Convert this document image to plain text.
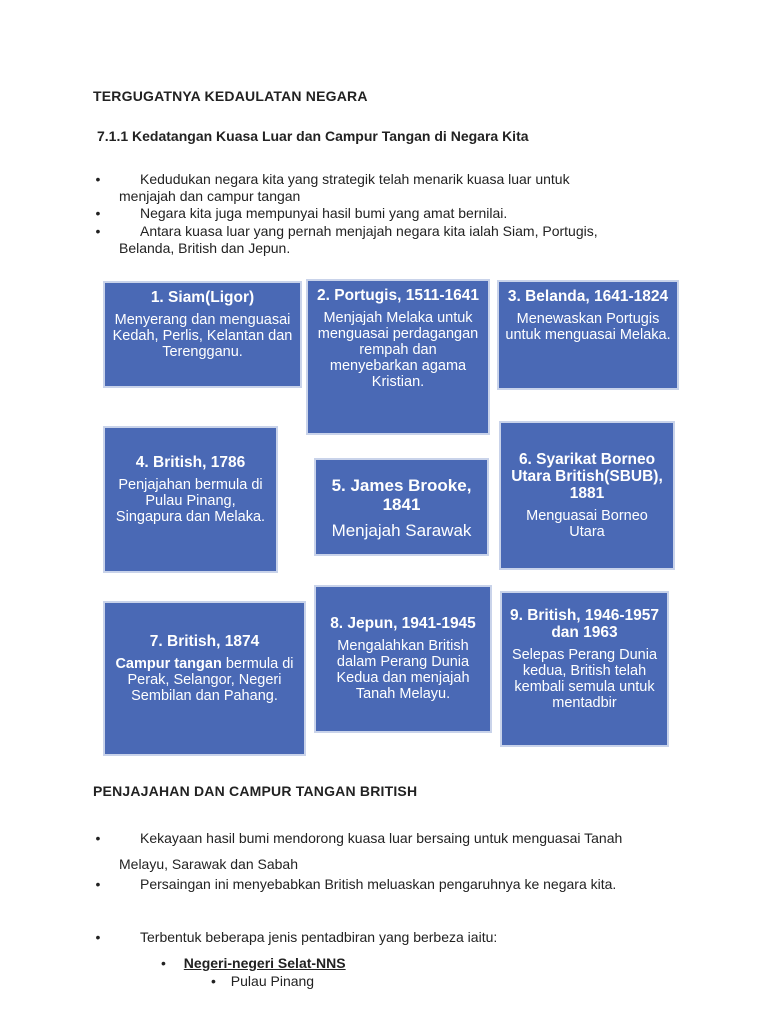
TERGUGATNYA KEDAULATAN NEGARA
7.1.1 Kedatangan Kuasa Luar dan Campur Tangan di Negara Kita
•	Kedudukan negara kita yang strategik telah menarik kuasa luar untuk
menjajah dan campur tangan
•	Negara kita juga mempunyai hasil bumi yang amat bernilai.
•	Antara kuasa luar yang pernah menjajah negara kita ialah Siam, Portugis,
Belanda, British dan Jepun.
1. Siam(Ligor)
Menyerang dan menguasai Kedah, Perlis, Kelantan dan Terengganu.
2. Portugis, 1511-1641
Menjajah Melaka untuk menguasai perdagangan rempah dan menyebarkan agama Kristian.
3. Belanda, 1641-1824
Menewaskan Portugis untuk menguasai Melaka.
4. British, 1786
Penjajahan bermula di Pulau Pinang, Singapura dan Melaka.
5. James Brooke, 1841
Menjajah Sarawak
6. Syarikat Borneo Utara British(SBUB), 1881
Menguasai Borneo Utara
7. British, 1874
Campur tangan bermula di Perak, Selangor, Negeri Sembilan dan Pahang.
8. Jepun, 1941-1945
Mengalahkan British dalam Perang Dunia Kedua dan menjajah Tanah Melayu.
9. British, 1946-1957 dan 1963
Selepas Perang Dunia kedua, British telah kembali semula untuk mentadbir
PENJAJAHAN DAN CAMPUR TANGAN BRITISH
•	Kekayaan hasil bumi mendorong kuasa luar bersaing untuk menguasai Tanah
Melayu, Sarawak dan Sabah
•	Persaingan ini menyebabkan British meluaskan pengaruhnya ke negara kita.
•	Terbentuk beberapa jenis pentadbiran yang berbeza iaitu:
• Negeri-negeri Selat-NNS
• Pulau Pinang
